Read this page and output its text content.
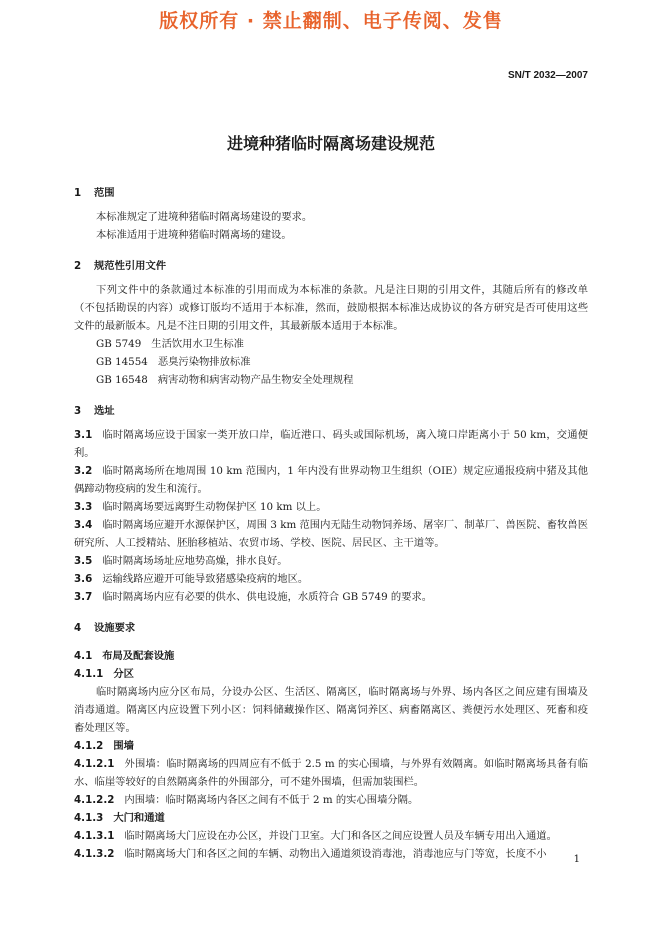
版权所有 · 禁止翻制、电子传阅、发售
SN/T 2032—2007
进境种猪临时隔离场建设规范
1 范围

本标准规定了进境种猪临时隔离场建设的要求。

本标准适用于进境种猪临时隔离场的建设。

2 规范性引用文件

下列文件中的条款通过本标准的引用而成为本标准的条款。凡是注日期的引用文件，其随后所有的修改单（不包括勘误的内容）或修订版均不适用于本标准，然而，鼓励根据本标准达成协议的各方研究是否可使用这些文件的最新版本。凡是不注日期的引用文件，其最新版本适用于本标准。

GB 5749 生活饮用水卫生标准

GB 14554 恶臭污染物排放标准

GB 16548 病害动物和病害动物产品生物安全处理规程

3 选址

3.1 临时隔离场应设于国家一类开放口岸，临近港口、码头或国际机场，离入境口岸距离小于 50 km，交通便利。

3.2 临时隔离场所在地周围 10 km 范围内，1 年内没有世界动物卫生组织（OIE）规定应通报疫病中猪及其他偶蹄动物疫病的发生和流行。

3.3 临时隔离场要远离野生动物保护区 10 km 以上。

3.4 临时隔离场应避开水源保护区，周围 3 km 范围内无陆生动物饲养场、屠宰厂、制革厂、兽医院、畜牧兽医研究所、人工授精站、胚胎移植站、农贸市场、学校、医院、居民区、主干道等。

3.5 临时隔离场场址应地势高燥，排水良好。

3.6 运输线路应避开可能导致猪感染疫病的地区。

3.7 临时隔离场内应有必要的供水、供电设施，水质符合 GB 5749 的要求。

4 设施要求
4.1 布局及配套设施
4.1.1 分区

临时隔离场内应分区布局，分设办公区、生活区、隔离区，临时隔离场与外界、场内各区之间应建有围墙及消毒通道。隔离区内应设置下列小区：饲料储藏操作区、隔离饲养区、病畜隔离区、粪便污水处理区、死畜和疫畜处理区等。

4.1.2 围墙

4.1.2.1 外围墙：临时隔离场的四周应有不低于 2.5 m 的实心围墙，与外界有效隔离。如临时隔离场具备有临水、临崖等较好的自然隔离条件的外围部分，可不建外围墙，但需加装围栏。

4.1.2.2 内围墙：临时隔离场内各区之间有不低于 2 m 的实心围墙分隔。

4.1.3 大门和通道

4.1.3.1 临时隔离场大门应设在办公区，并设门卫室。大门和各区之间应设置人员及车辆专用出入通道。

4.1.3.2 临时隔离场大门和各区之间的车辆、动物出入通道须设消毒池，消毒池应与门等宽，长度不小	1
